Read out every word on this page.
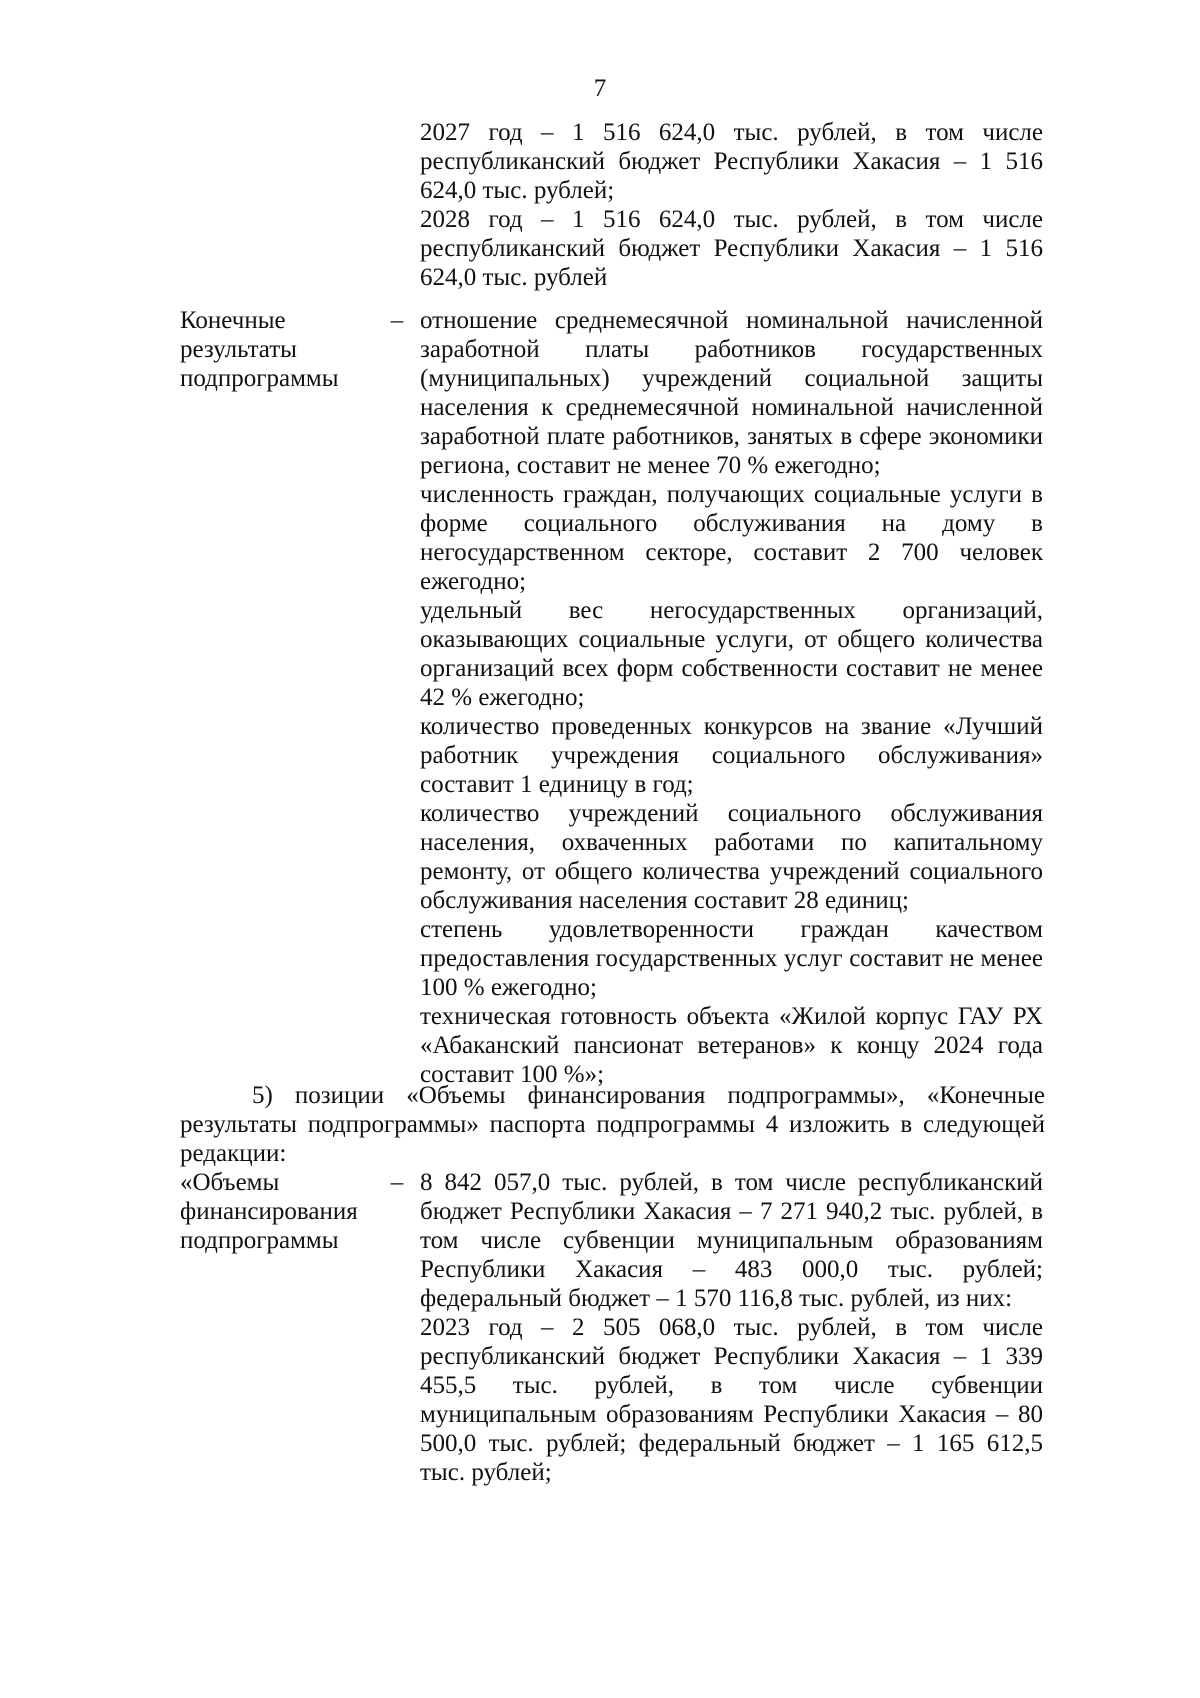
7

2027 год – 1 516 624,0 тыс. рублей, в том числе республиканский бюджет Республики Хакасия – 1 516 624,0 тыс. рублей;

2028 год – 1 516 624,0 тыс. рублей, в том числе республиканский бюджет Республики Хакасия – 1 516 624,0 тыс. рублей

Конечные
результаты
подпрограммы
– отношение среднемесячной номинальной начисленной заработной платы работников государственных (муниципальных) учреждений социальной защиты населения к среднемесячной номинальной начисленной заработной плате работников, занятых в сфере экономики региона, составит не менее 70 % ежегодно;

численность граждан, получающих социальные услуги в форме социального обслуживания на дому в негосударственном секторе, составит 2 700 человек ежегодно;

удельный вес негосударственных организаций, оказывающих социальные услуги, от общего количества организаций всех форм собственности составит не менее 42 % ежегодно;

количество проведенных конкурсов на звание «Лучший работник учреждения социального обслуживания» составит 1 единицу в год;

количество учреждений социального обслуживания населения, охваченных работами по капитальному ремонту, от общего количества учреждений социального обслуживания населения составит 28 единиц;

степень удовлетворенности граждан качеством предоставления государственных услуг составит не менее 100 % ежегодно;

техническая готовность объекта «Жилой корпус ГАУ РХ «Абаканский пансионат ветеранов» к концу 2024 года составит 100 %»;

5) позиции «Объемы финансирования подпрограммы», «Конечные результаты подпрограммы» паспорта подпрограммы 4 изложить в следующей редакции:

«Объемы
финансирования
подпрограммы
– 8 842 057,0 тыс. рублей, в том числе республиканский бюджет Республики Хакасия – 7 271 940,2 тыс. рублей, в том числе субвенции муниципальным образованиям Республики Хакасия – 483 000,0 тыс. рублей; федеральный бюджет – 1 570 116,8 тыс. рублей, из них:

2023 год – 2 505 068,0 тыс. рублей, в том числе республиканский бюджет Республики Хакасия – 1 339 455,5 тыс. рублей, в том числе субвенции муниципальным образованиям Республики Хакасия – 80 500,0 тыс. рублей; федеральный бюджет – 1 165 612,5 тыс. рублей;
